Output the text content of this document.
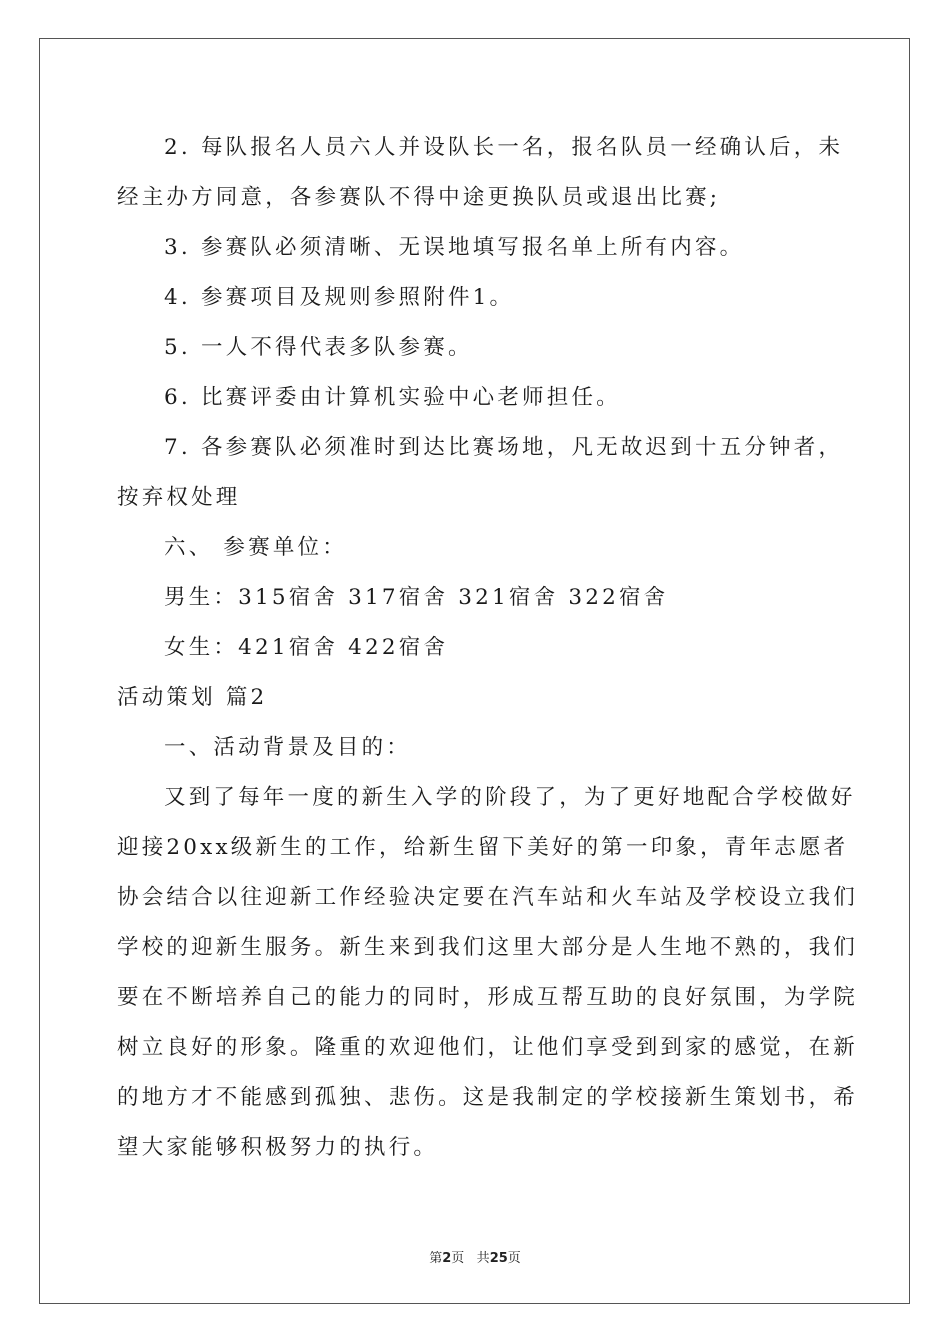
2. 每队报名人员六人并设队长一名，报名队员一经确认后，未
经主办方同意，各参赛队不得中途更换队员或退出比赛;
3. 参赛队必须清晰、无误地填写报名单上所有内容。
4. 参赛项目及规则参照附件1。
5. 一人不得代表多队参赛。
6. 比赛评委由计算机实验中心老师担任。
7. 各参赛队必须准时到达比赛场地，凡无故迟到十五分钟者，
按弃权处理
六、 参赛单位：
男生：315宿舍 317宿舍 321宿舍 322宿舍
女生：421宿舍 422宿舍
活动策划 篇2
一、活动背景及目的：
又到了每年一度的新生入学的阶段了，为了更好地配合学校做好
迎接20xx级新生的工作，给新生留下美好的第一印象，青年志愿者
协会结合以往迎新工作经验决定要在汽车站和火车站及学校设立我们
学校的迎新生服务。新生来到我们这里大部分是人生地不熟的，我们
要在不断培养自己的能力的同时，形成互帮互助的良好氛围，为学院
树立良好的形象。隆重的欢迎他们，让他们享受到到家的感觉，在新
的地方才不能感到孤独、悲伤。这是我制定的学校接新生策划书，希
望大家能够积极努力的执行。
第2页 共25页
